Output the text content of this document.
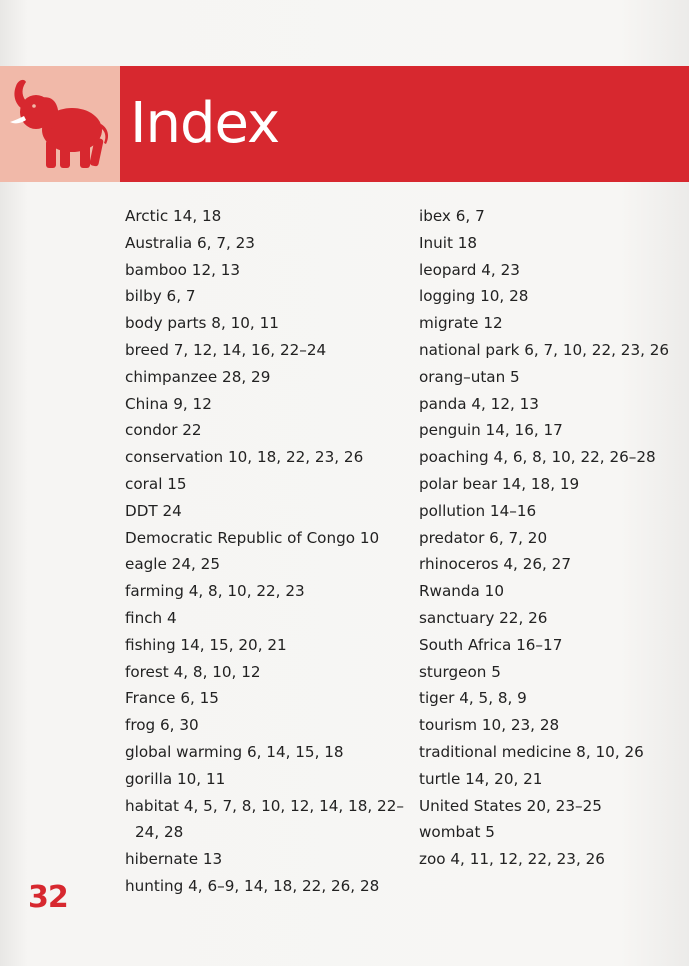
Index
Arctic 14, 18
Australia 6, 7, 23
bamboo 12, 13
bilby 6, 7
body parts 8, 10, 11
breed 7, 12, 14, 16, 22–24
chimpanzee 28, 29
China 9, 12
condor 22
conservation 10, 18, 22, 23, 26
coral 15
DDT 24
Democratic Republic of Congo 10
eagle 24, 25
farming 4, 8, 10, 22, 23
finch 4
fishing 14, 15, 20, 21
forest 4, 8, 10, 12
France 6, 15
frog 6, 30
global warming 6, 14, 15, 18
gorilla 10, 11
habitat 4, 5, 7, 8, 10, 12, 14, 18, 22–24, 28
hibernate 13
hunting 4, 6–9, 14, 18, 22, 26, 28
ibex 6, 7
Inuit 18
leopard 4, 23
logging 10, 28
migrate 12
national park 6, 7, 10, 22, 23, 26
orang–utan 5
panda 4, 12, 13
penguin 14, 16, 17
poaching 4, 6, 8, 10, 22, 26–28
polar bear 14, 18, 19
pollution 14–16
predator 6, 7, 20
rhinoceros 4, 26, 27
Rwanda 10
sanctuary 22, 26
South Africa 16–17
sturgeon 5
tiger 4, 5, 8, 9
tourism 10, 23, 28
traditional medicine 8, 10, 26
turtle 14, 20, 21
United States 20, 23–25
wombat 5
zoo 4, 11, 12, 22, 23, 26
32
